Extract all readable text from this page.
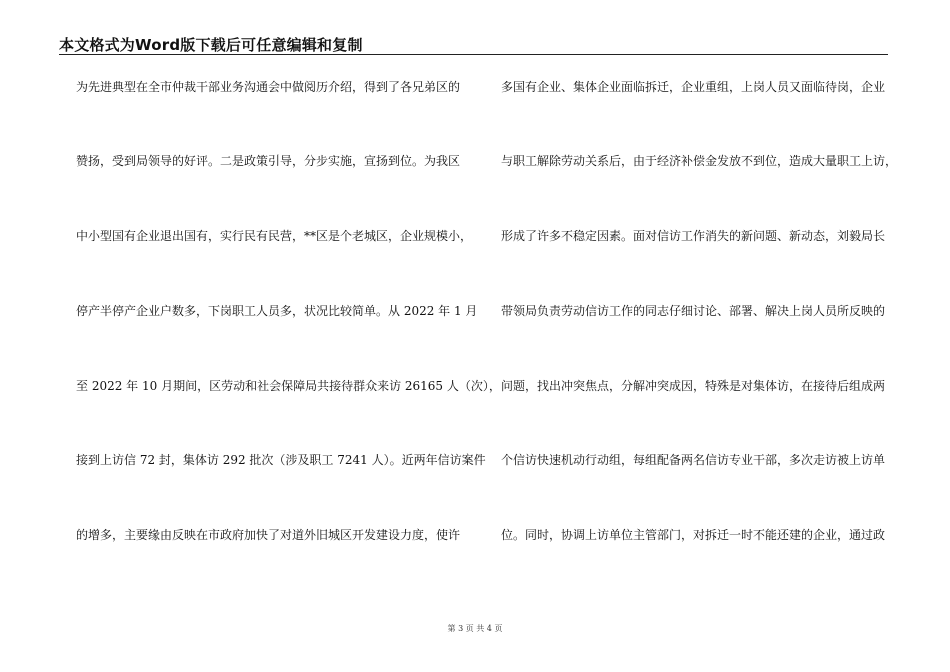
本文格式为Word版下载后可任意编辑和复制
为先进典型在全市仲裁干部业务沟通会中做阅历介绍，得到了各兄弟区的
赞扬，受到局领导的好评。二是政策引导，分步实施，宣扬到位。为我区
中小型国有企业退出国有，实行民有民营，**区是个老城区，企业规模小，
停产半停产企业户数多，下岗职工人员多，状况比较简单。从 2022 年 1 月
至 2022 年 10 月期间，区劳动和社会保障局共接待群众来访 26165 人（次），
接到上访信 72 封，集体访 292 批次（涉及职工 7241 人）。近两年信访案件
的增多，主要缘由反映在市政府加快了对道外旧城区开发建设力度，使许
多国有企业、集体企业面临拆迁，企业重组，上岗人员又面临待岗，企业
与职工解除劳动关系后，由于经济补偿金发放不到位，造成大量职工上访，
形成了许多不稳定因素。面对信访工作消失的新问题、新动态，刘毅局长
带领局负责劳动信访工作的同志仔细讨论、部署、解决上岗人员所反映的
问题，找出冲突焦点，分解冲突成因，特殊是对集体访，在接待后组成两
个信访快速机动行动组，每组配备两名信访专业干部，多次走访被上访单
位。同时，协调上访单位主管部门，对拆迁一时不能还建的企业，通过政
第 3 页 共 4 页
